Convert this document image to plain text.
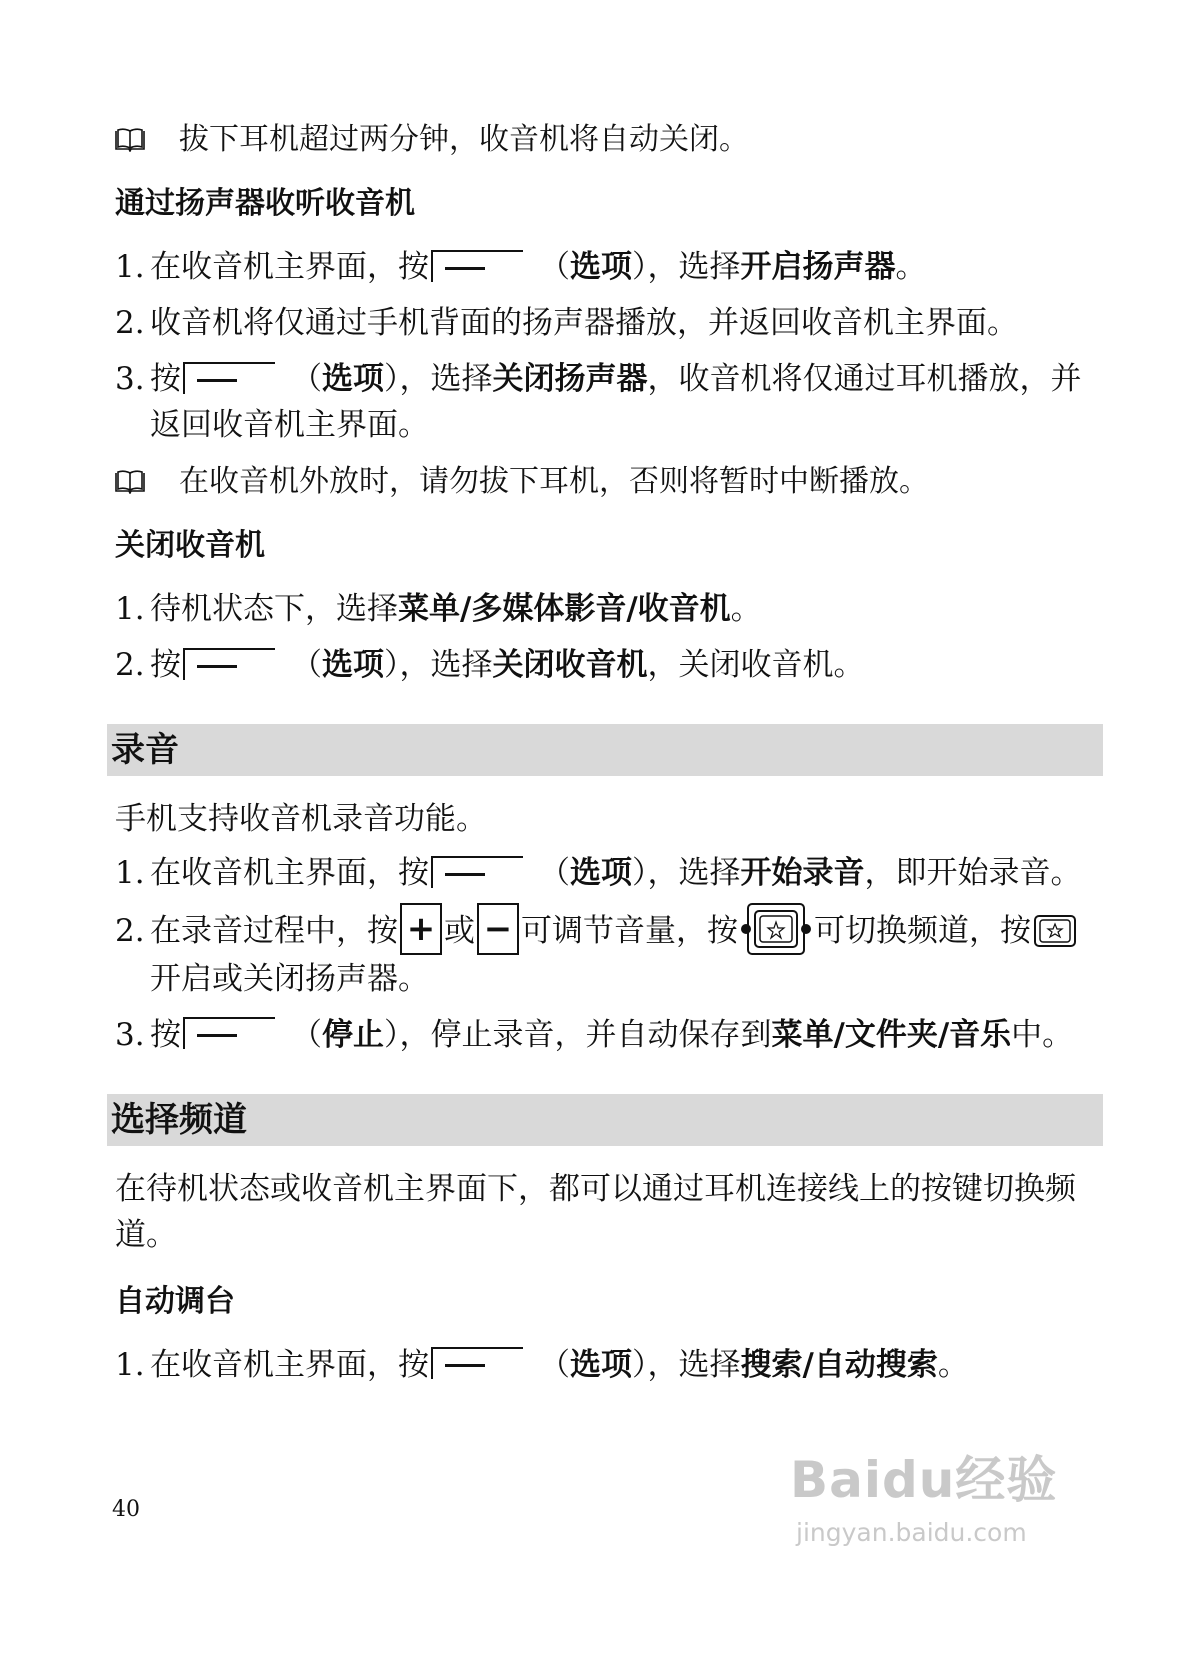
拔下耳机超过两分钟，收音机将自动关闭。
通过扬声器收听收音机
1. 在收音机主界面，按	（选项），选择开启扬声器。
2. 收音机将仅通过手机背面的扬声器播放，并返回收音机主界面。
3. 按	（选项），选择关闭扬声器，收音机将仅通过耳机播放，并返回收音机主界面。
在收音机外放时，请勿拔下耳机，否则将暂时中断播放。
关闭收音机
1. 待机状态下，选择菜单/多媒体影音/收音机。
2. 按	（选项），选择关闭收音机，关闭收音机。
录音
手机支持收音机录音功能。
1. 在收音机主界面，按	（选项），选择开始录音，即开始录音。
2. 在录音过程中，按 + 或 − 可调节音量，按 可切换频道，按开启或关闭扬声器。
3. 按	（停止），停止录音，并自动保存到菜单/文件夹/音乐中。
选择频道
在待机状态或收音机主界面下，都可以通过耳机连接线上的按键切换频道。
自动调台
1. 在收音机主界面，按	（选项），选择搜索/自动搜索。
40
Baidu经验
jingyan.baidu.com
